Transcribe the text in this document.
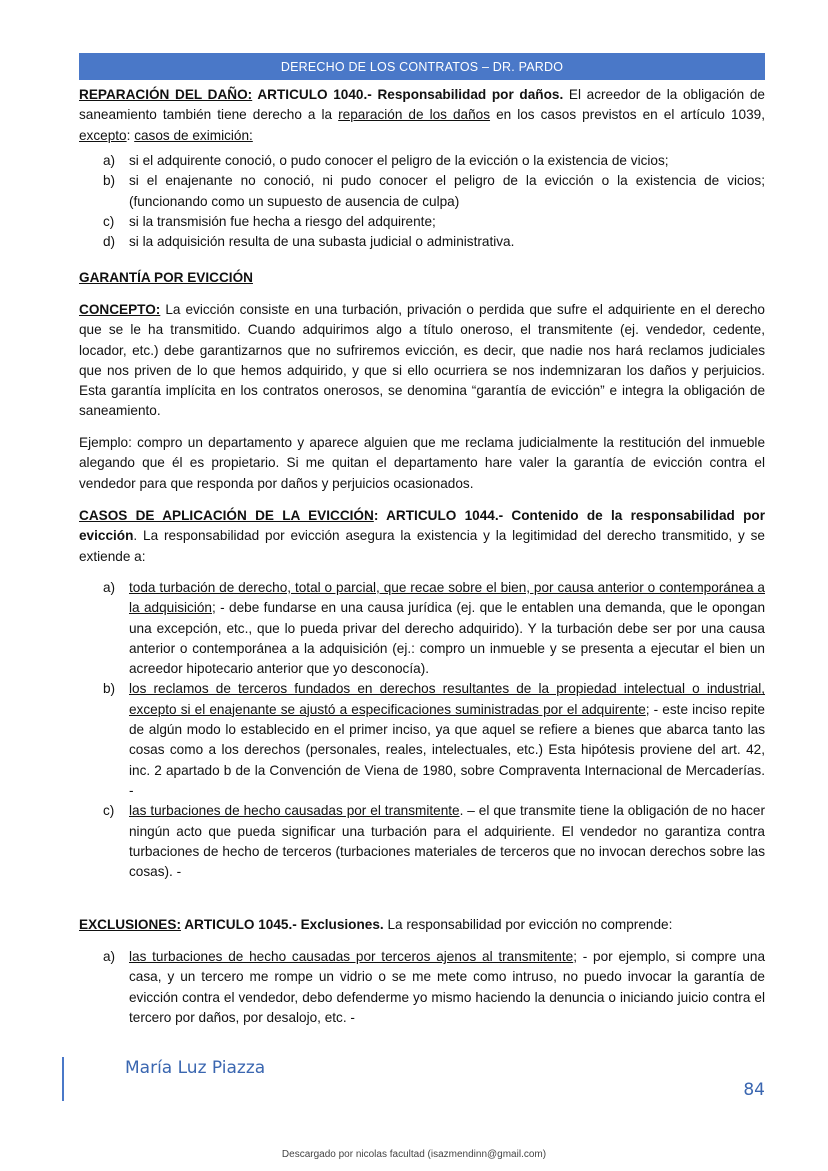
DERECHO DE LOS CONTRATOS – DR. PARDO
REPARACIÓN DEL DAÑO: ARTICULO 1040.- Responsabilidad por daños. El acreedor de la obligación de saneamiento también tiene derecho a la reparación de los daños en los casos previstos en el artículo 1039, excepto: casos de eximición:
a) si el adquirente conoció, o pudo conocer el peligro de la evicción o la existencia de vicios;
b) si el enajenante no conoció, ni pudo conocer el peligro de la evicción o la existencia de vicios; (funcionando como un supuesto de ausencia de culpa)
c) si la transmisión fue hecha a riesgo del adquirente;
d) si la adquisición resulta de una subasta judicial o administrativa.
GARANTÍA POR EVICCIÓN
CONCEPTO: La evicción consiste en una turbación, privación o perdida que sufre el adquiriente en el derecho que se le ha transmitido. Cuando adquirimos algo a título oneroso, el transmitente (ej. vendedor, cedente, locador, etc.) debe garantizarnos que no sufriremos evicción, es decir, que nadie nos hará reclamos judiciales que nos priven de lo que hemos adquirido, y que si ello ocurriera se nos indemnizaran los daños y perjuicios. Esta garantía implícita en los contratos onerosos, se denomina “garantía de evicción” e integra la obligación de saneamiento.
Ejemplo: compro un departamento y aparece alguien que me reclama judicialmente la restitución del inmueble alegando que él es propietario. Si me quitan el departamento hare valer la garantía de evicción contra el vendedor para que responda por daños y perjuicios ocasionados.
CASOS DE APLICACIÓN DE LA EVICCIÓN: ARTICULO 1044.- Contenido de la responsabilidad por evicción. La responsabilidad por evicción asegura la existencia y la legitimidad del derecho transmitido, y se extiende a:
a) toda turbación de derecho, total o parcial, que recae sobre el bien, por causa anterior o contemporánea a la adquisición; - debe fundarse en una causa jurídica (ej. que le entablen una demanda, que le opongan una excepción, etc., que lo pueda privar del derecho adquirido). Y la turbación debe ser por una causa anterior o contemporánea a la adquisición (ej.: compro un inmueble y se presenta a ejecutar el bien un acreedor hipotecario anterior que yo desconocía).
b) los reclamos de terceros fundados en derechos resultantes de la propiedad intelectual o industrial, excepto si el enajenante se ajustó a especificaciones suministradas por el adquirente; - este inciso repite de algún modo lo establecido en el primer inciso, ya que aquel se refiere a bienes que abarca tanto las cosas como a los derechos (personales, reales, intelectuales, etc.) Esta hipótesis proviene del art. 42, inc. 2 apartado b de la Convención de Viena de 1980, sobre Compraventa Internacional de Mercaderías. -
c) las turbaciones de hecho causadas por el transmitente. – el que transmite tiene la obligación de no hacer ningún acto que pueda significar una turbación para el adquiriente. El vendedor no garantiza contra turbaciones de hecho de terceros (turbaciones materiales de terceros que no invocan derechos sobre las cosas). -
EXCLUSIONES: ARTICULO 1045.- Exclusiones. La responsabilidad por evicción no comprende:
a) las turbaciones de hecho causadas por terceros ajenos al transmitente; - por ejemplo, si compre una casa, y un tercero me rompe un vidrio o se me mete como intruso, no puedo invocar la garantía de evicción contra el vendedor, debo defenderme yo mismo haciendo la denuncia o iniciando juicio contra el tercero por daños, por desalojo, etc. -
María Luz Piazza
84
Descargado por nicolas facultad (isazmendinn@gmail.com)
